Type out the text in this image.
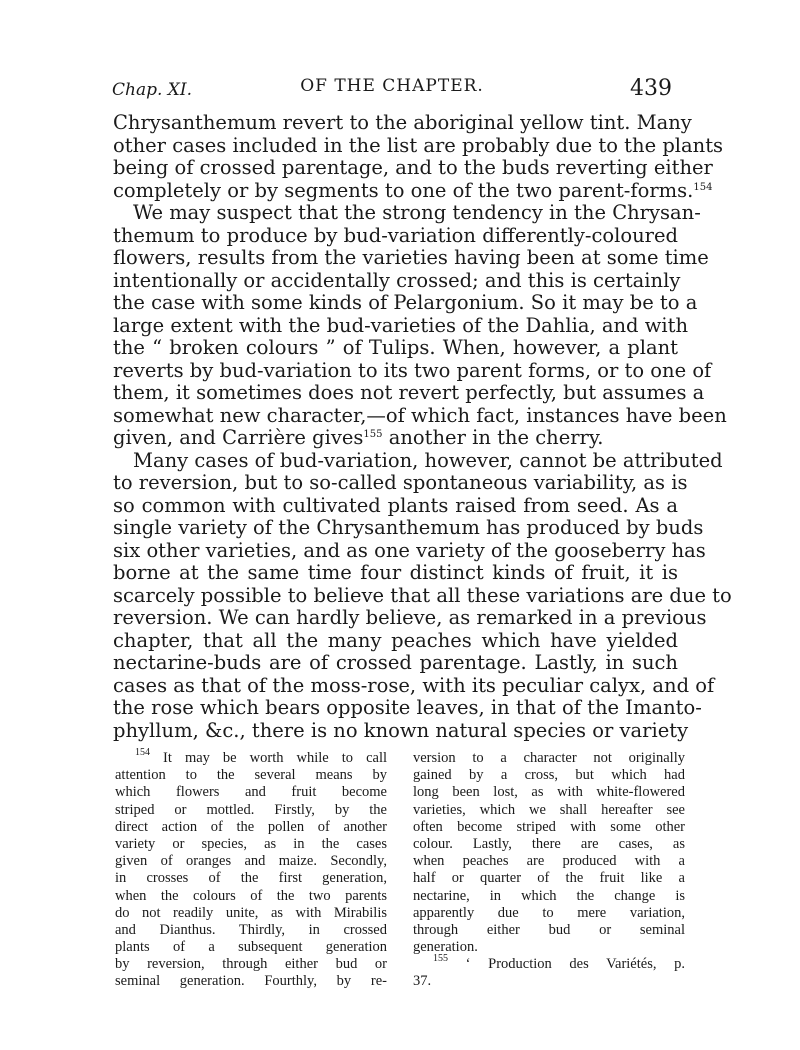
Chap. XI.	OF THE CHAPTER.	439
Chrysanthemum revert to the aboriginal yellow tint. Many
other cases included in the list are probably due to the plants
being of crossed parentage, and to the buds reverting either
completely or by segments to one of the two parent-forms.$^{154}$
We may suspect that the strong tendency in the Chrysan-
themum to produce by bud-variation differently-coloured
flowers, results from the varieties having been at some time
intentionally or accidentally crossed; and this is certainly
the case with some kinds of Pelargonium. So it may be to a
large extent with the bud-varieties of the Dahlia, and with
the “ broken colours ” of Tulips. When, however, a plant
reverts by bud-variation to its two parent forms, or to one of
them, it sometimes does not revert perfectly, but assumes a
somewhat new character,—of which fact, instances have been
given, and Carrière gives$^{155}$ another in the cherry.
Many cases of bud-variation, however, cannot be attributed
to reversion, but to so-called spontaneous variability, as is
so common with cultivated plants raised from seed. As a
single variety of the Chrysanthemum has produced by buds
six other varieties, and as one variety of the gooseberry has
borne at the same time four distinct kinds of fruit, it is
scarcely possible to believe that all these variations are due to
reversion. We can hardly believe, as remarked in a previous
chapter, that all the many peaches which have yielded
nectarine-buds are of crossed parentage. Lastly, in such
cases as that of the moss-rose, with its peculiar calyx, and of
the rose which bears opposite leaves, in that of the Imanto-
phyllum, &c., there is no known natural species or variety
$^{154}$ It may be worth while to call
attention to the several means by
which flowers and fruit become
striped or mottled. Firstly, by the
direct action of the pollen of another
variety or species, as in the cases
given of oranges and maize. Secondly,
in crosses of the first generation,
when the colours of the two parents
do not readily unite, as with Mirabilis
and Dianthus. Thirdly, in crossed
plants of a subsequent generation
by reversion, through either bud or
seminal generation. Fourthly, by re-
version to a character not originally
gained by a cross, but which had
long been lost, as with white-flowered
varieties, which we shall hereafter see
often become striped with some other
colour. Lastly, there are cases, as
when peaches are produced with a
half or quarter of the fruit like a
nectarine, in which the change is
apparently due to mere variation,
through either bud or seminal
generation.
$^{155}$ ‘ Production des Variétés, p.
37.
